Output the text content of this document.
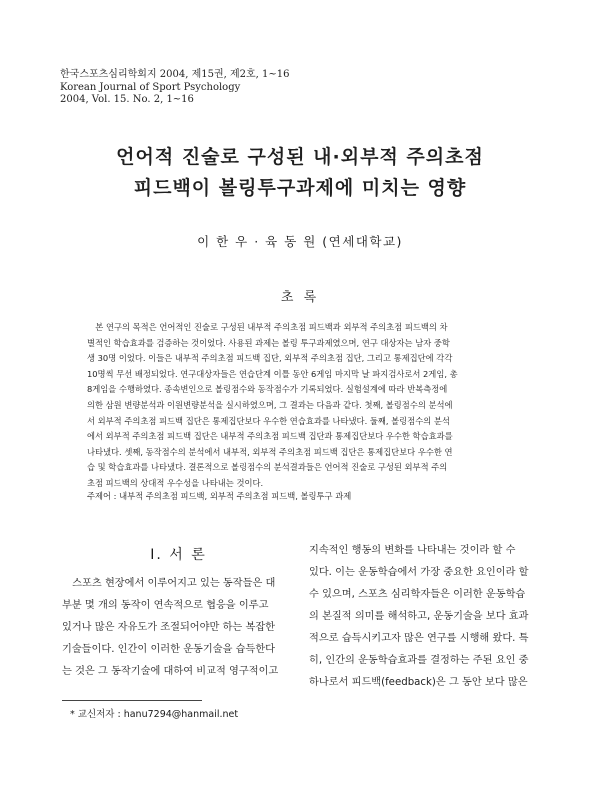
한국스포츠심리학회지 2004, 제15권, 제2호, 1~16
Korean Journal of Sport Psychology
2004, Vol. 15. No. 2, 1~16
언어적 진술로 구성된 내·외부적 주의초점
피드백이 볼링투구과제에 미치는 영향
이 한 우 · 육 동 원 (연세대학교)
초 록
　본 연구의 목적은 언어적인 진술로 구성된 내부적 주의초점 피드백과 외부적 주의초점 피드백의 차
별적인 학습효과를 검증하는 것이었다. 사용된 과제는 볼링 투구과제였으며, 연구 대상자는 남자 중학
생 30명 이었다. 이들은 내부적 주의초점 피드백 집단, 외부적 주의초점 집단, 그리고 통제집단에 각각
10명씩 무선 배정되었다. 연구대상자들은 연습단계 이틀 동안 6게임 마지막 날 파지검사로서 2게임, 총
8게임을 수행하였다. 종속변인으로 볼링점수와 동작점수가 기록되었다. 실험설계에 따라 반복측정에
의한 삼원 변량분석과 이원변량분석을 실시하였으며, 그 결과는 다음과 같다. 첫째, 볼링점수의 분석에
서 외부적 주의초점 피드백 집단은 통제집단보다 우수한 연습효과를 나타냈다. 둘째, 볼링점수의 분석
에서 외부적 주의초점 피드백 집단은 내부적 주의초점 피드백 집단과 통제집단보다 우수한 학습효과를
나타냈다. 셋째, 동작점수의 분석에서 내부적, 외부적 주의초점 피드백 집단은 통제집단보다 우수한 연
습 및 학습효과를 나타냈다. 결론적으로 볼링점수의 분석결과들은 언어적 진술로 구성된 외부적 주의
초점 피드백의 상대적 우수성을 나타내는 것이다.
주제어 : 내부적 주의초점 피드백, 외부적 주의초점 피드백, 볼링투구 과제
Ⅰ. 서 론
　스포츠 현장에서 이루어지고 있는 동작들은 대
부분 몇 개의 동작이 연속적으로 협응을 이루고
있거나 많은 자유도가 조절되어야만 하는 복잡한
기술들이다. 인간이 이러한 운동기술을 습득한다
는 것은 그 동작기술에 대하여 비교적 영구적이고
지속적인 행동의 변화를 나타내는 것이라 할 수
있다. 이는 운동학습에서 가장 중요한 요인이라 할
수 있으며, 스포츠 심리학자들은 이러한 운동학습
의 본질적 의미를 해석하고, 운동기술을 보다 효과
적으로 습득시키고자 많은 연구를 시행해 왔다. 특
히, 인간의 운동학습효과를 결정하는 주된 요인 중
하나로서 피드백(feedback)은 그 동안 보다 많은
* 교신저자 : hanu7294@hanmail.net
